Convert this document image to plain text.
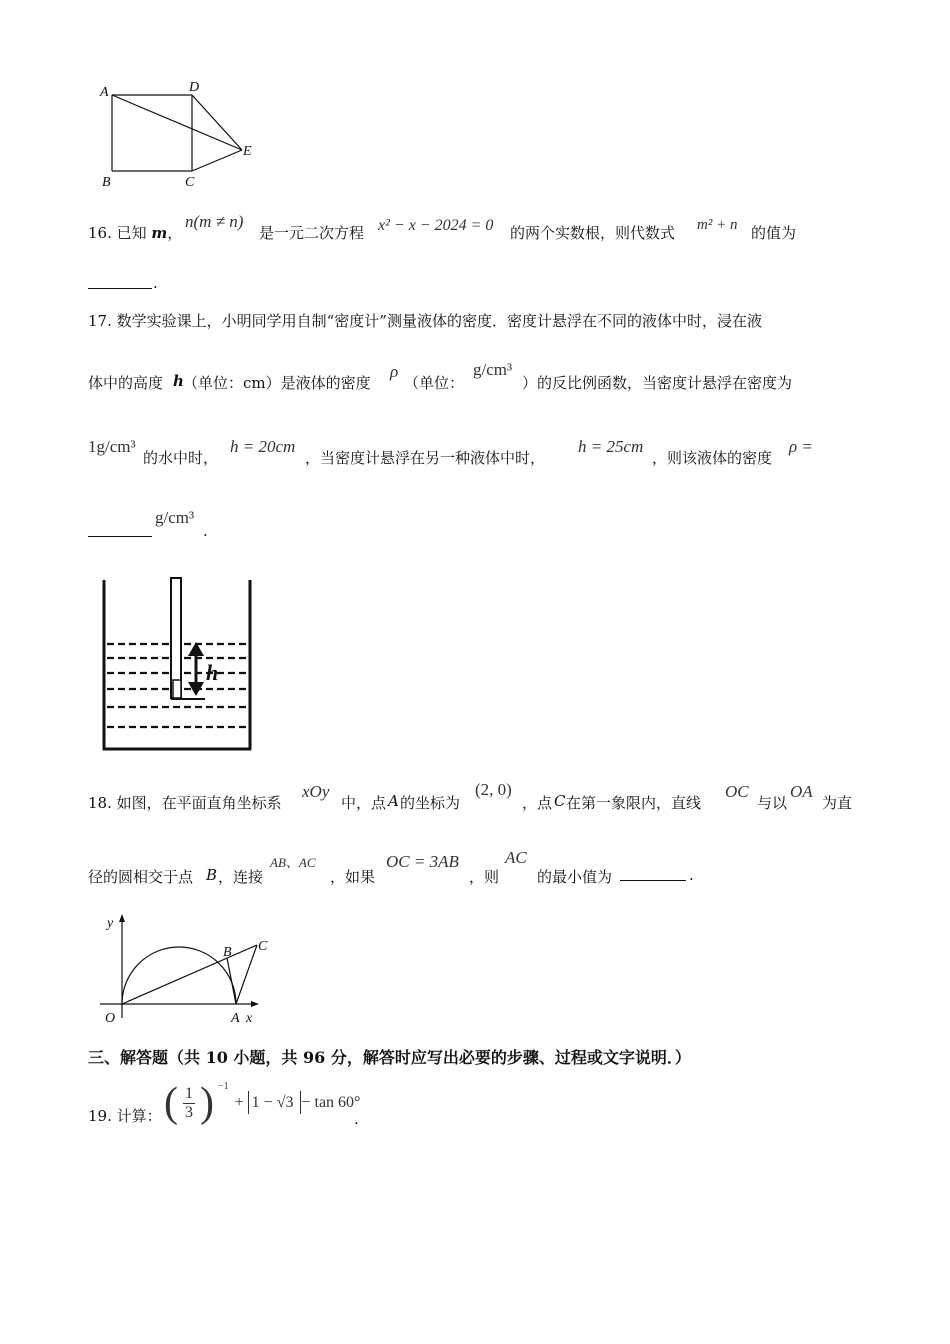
A	D
E
B	C
16. 已知 m，
n(m ≠ n)
是一元二次方程 x² − x − 2024 = 0 的两个实数根，则代数式 m² + n 的值为
.
17. 数学实验课上，小明同学用自制“密度计”测量液体的密度．密度计悬浮在不同的液体中时，浸在液
体中的高度 h （单位：cm）是液体的密度
ρ
（单位：
g/cm³
）的反比例函数，当密度计悬浮在密度为
1g/cm³
的水中时，
h = 20cm
，当密度计悬浮在另一种液体中时，
h = 25cm
，则该液体的密度
ρ =
g/cm³
.
h
18. 如图，在平面直角坐标系
xOy
中，点 A 的坐标为
(2, 0)
，点 C 在第一象限内，直线
OC
与以
OA
为直
径的圆相交于点 B ，连接
AB、AC
，如果
OC = 3AB
，则
AC
的最小值为	.
y
x
O	A
B C
三、解答题（共 10 小题，共 96 分，解答时应写出必要的步骤、过程或文字说明．）
19. 计算： ( $\frac{1}{3}$ ) $^{-1}$ + 1 − √3 − tan 60°
.
